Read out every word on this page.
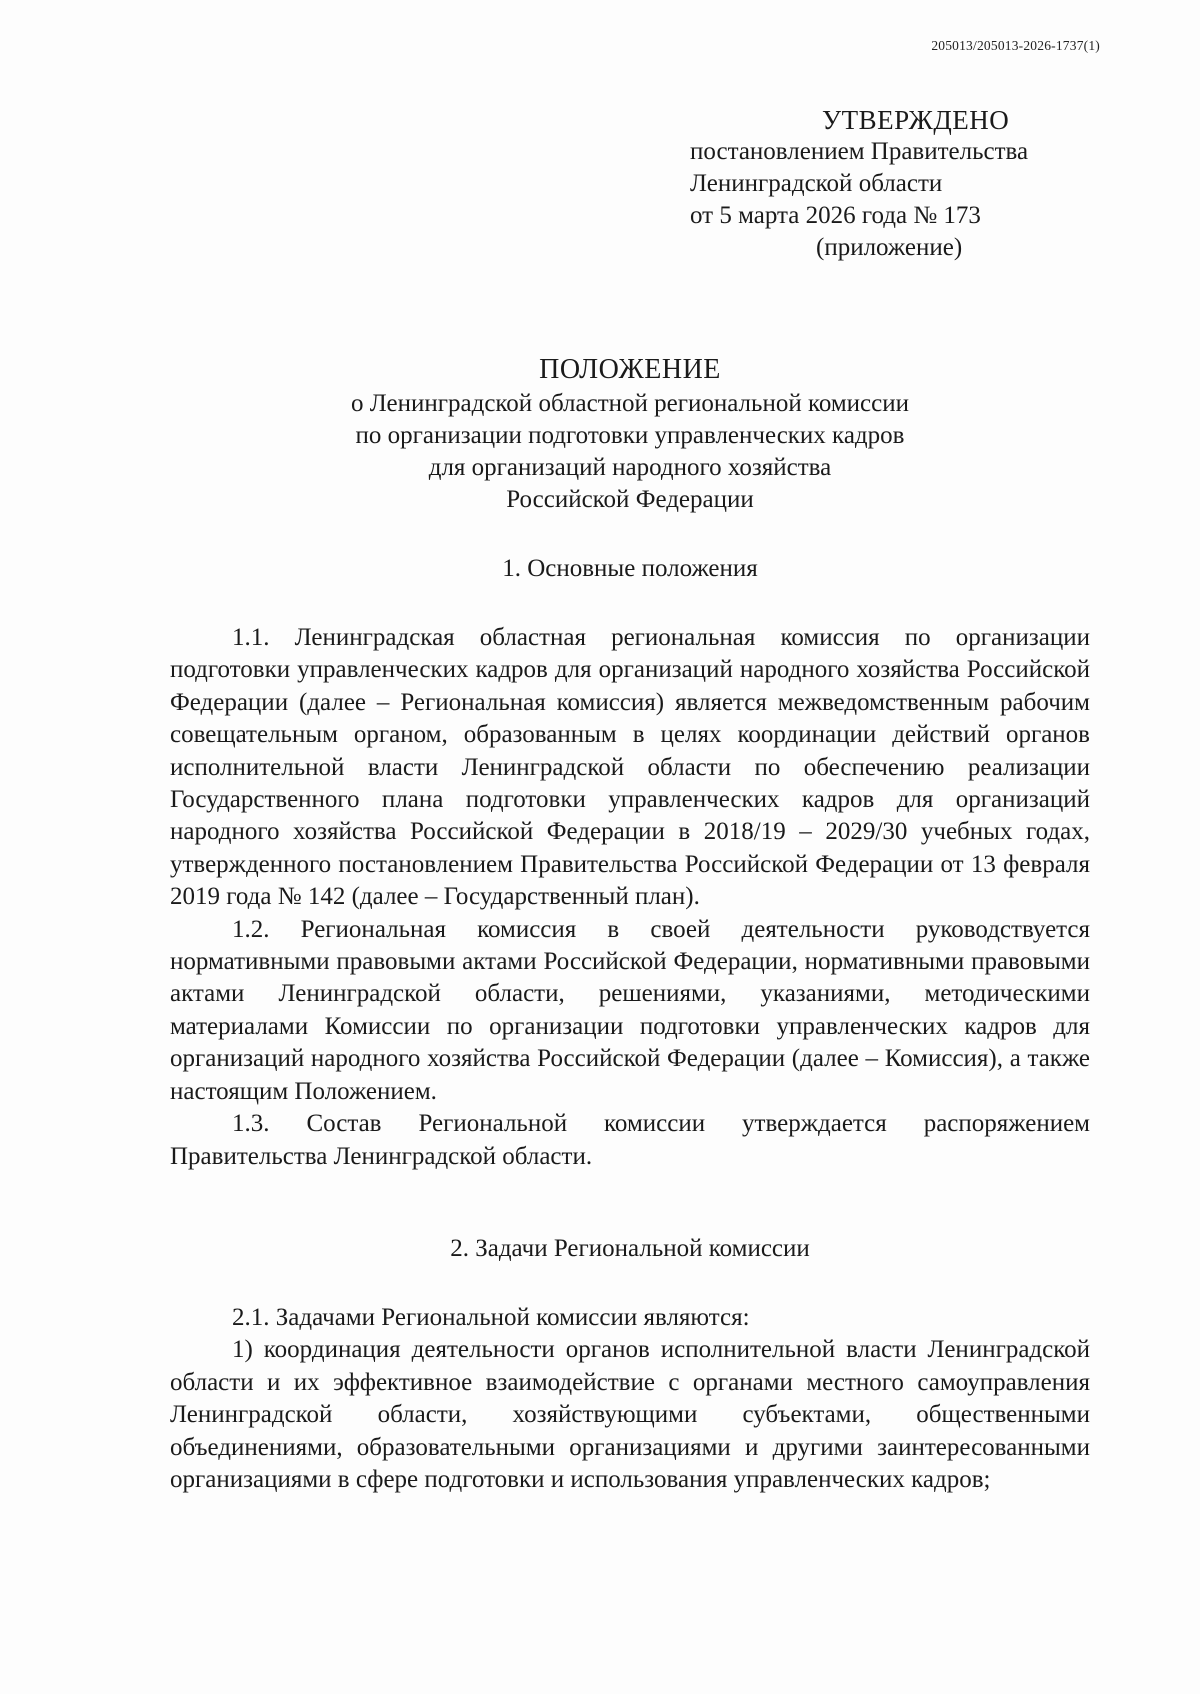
205013/205013-2026-1737(1)
УТВЕРЖДЕНО
постановлением Правительства
Ленинградской области
от 5 марта 2026 года № 173
(приложение)
ПОЛОЖЕНИЕ
о Ленинградской областной региональной комиссии
по организации подготовки управленческих кадров
для организаций народного хозяйства
Российской Федерации
1. Основные положения

1.1. Ленинградская областная региональная комиссия по организации подготовки управленческих кадров для организаций народного хозяйства Российской Федерации (далее – Региональная комиссия) является межведомственным рабочим совещательным органом, образованным в целях координации действий органов исполнительной власти Ленинградской области по обеспечению реализации Государственного плана подготовки управленческих кадров для организаций народного хозяйства Российской Федерации в 2018/19 – 2029/30 учебных годах, утвержденного постановлением Правительства Российской Федерации от 13 февраля 2019 года № 142 (далее – Государственный план).

1.2. Региональная комиссия в своей деятельности руководствуется нормативными правовыми актами Российской Федерации, нормативными правовыми актами Ленинградской области, решениями, указаниями, методическими материалами Комиссии по организации подготовки управленческих кадров для организаций народного хозяйства Российской Федерации (далее – Комиссия), а также настоящим Положением.

1.3. Состав Региональной комиссии утверждается распоряжением Правительства Ленинградской области.

2. Задачи Региональной комиссии

2.1. Задачами Региональной комиссии являются:

1) координация деятельности органов исполнительной власти Ленинградской области и их эффективное взаимодействие с органами местного самоуправления Ленинградской области, хозяйствующими субъектами, общественными объединениями, образовательными организациями и другими заинтересованными организациями в сфере подготовки и использования управленческих кадров;
